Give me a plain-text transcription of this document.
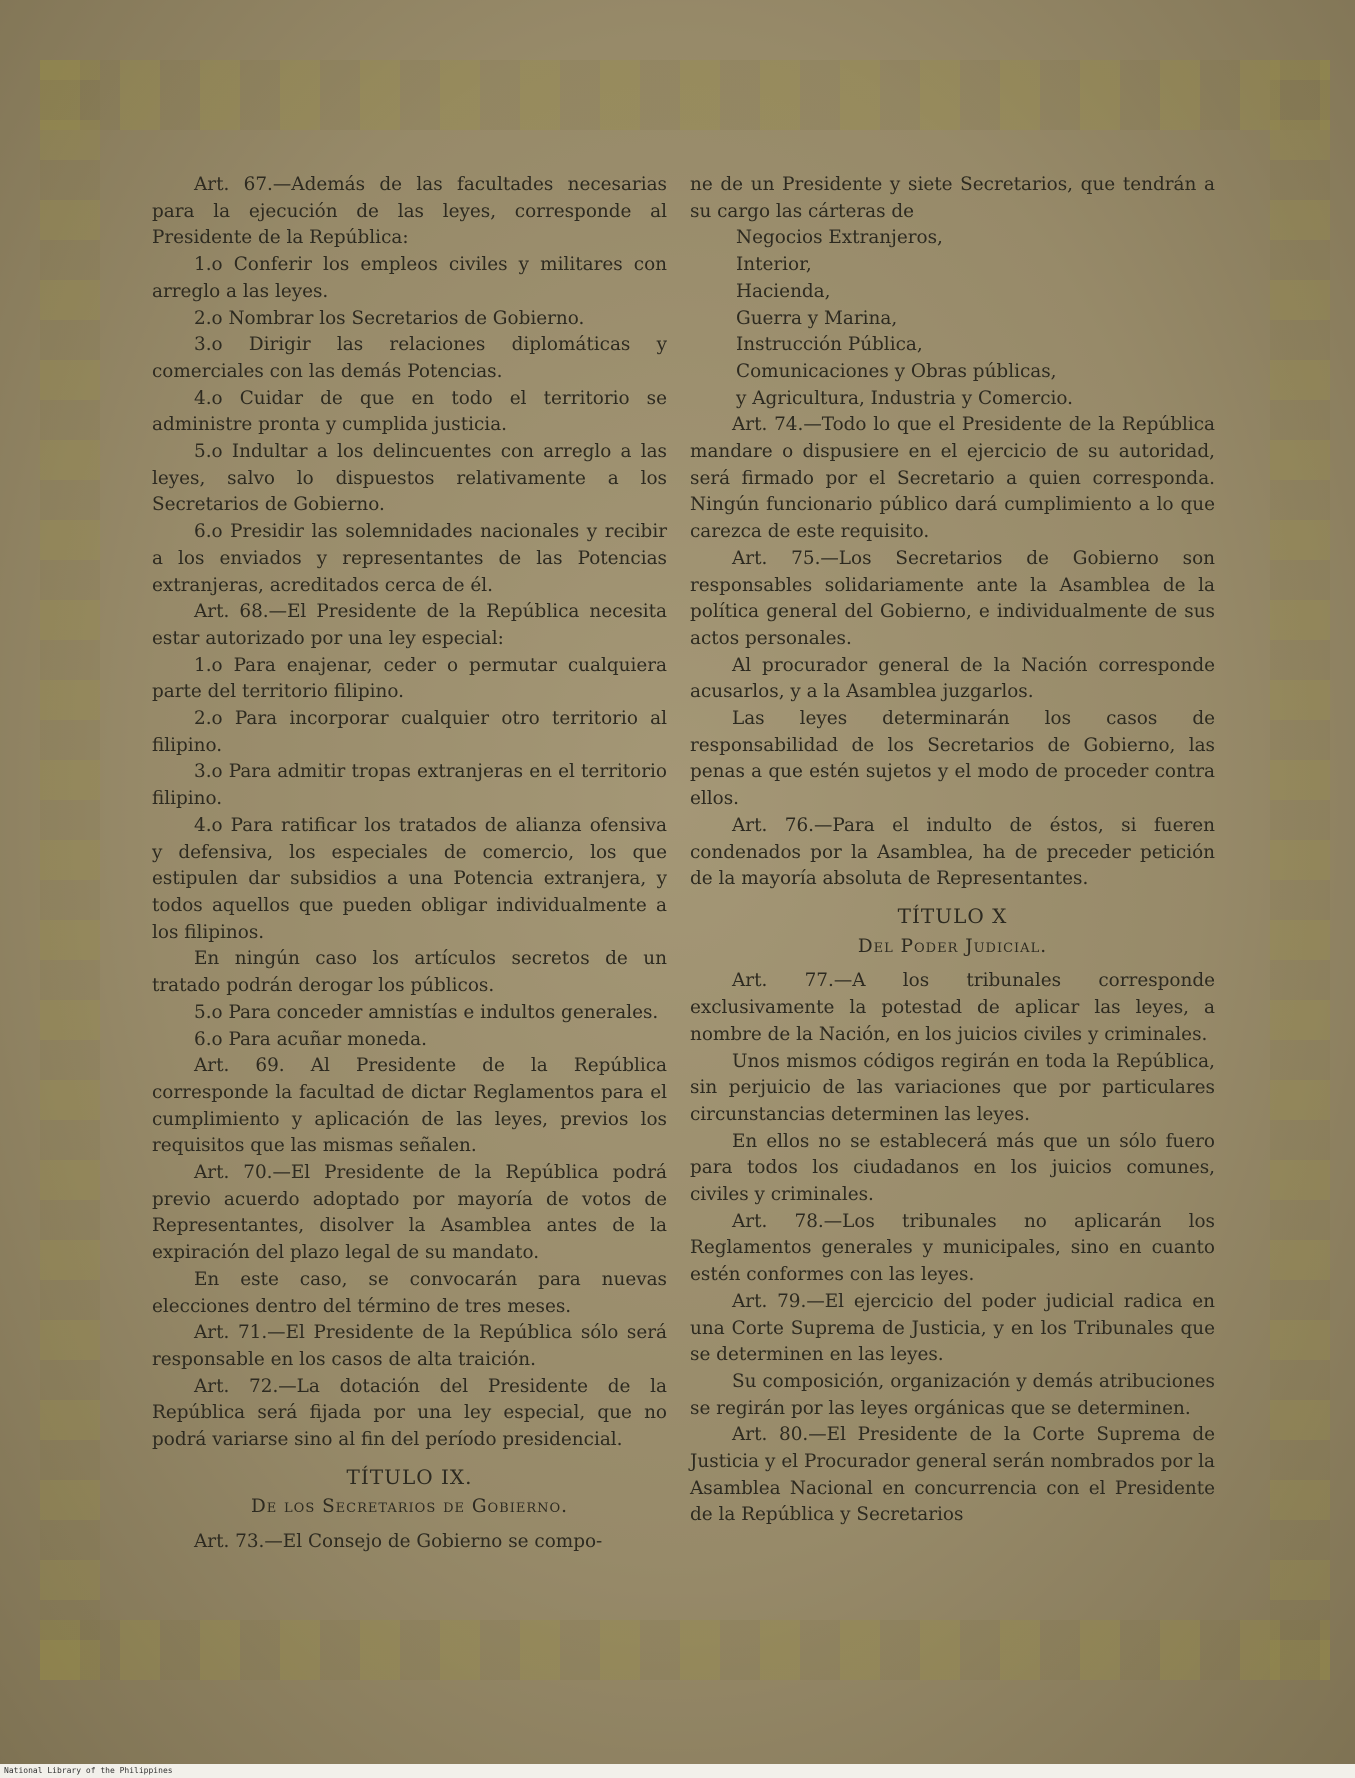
Art. 67.—Además de las facultades necesarias para la ejecución de las leyes, corresponde al Presidente de la República:

1.o Conferir los empleos civiles y militares con arreglo a las leyes.

2.o Nombrar los Secretarios de Gobierno.

3.o Dirigir las relaciones diplomáticas y comerciales con las demás Potencias.

4.o Cuidar de que en todo el territorio se administre pronta y cumplida justicia.

5.o Indultar a los delincuentes con arreglo a las leyes, salvo lo dispuestos relativamente a los Secretarios de Gobierno.

6.o Presidir las solemnidades nacionales y recibir a los enviados y representantes de las Potencias extranjeras, acreditados cerca de él.

Art. 68.—El Presidente de la República necesita estar autorizado por una ley especial:

1.o Para enajenar, ceder o permutar cualquiera parte del territorio filipino.

2.o Para incorporar cualquier otro territorio al filipino.

3.o Para admitir tropas extranjeras en el territorio filipino.

4.o Para ratificar los tratados de alianza ofensiva y defensiva, los especiales de comercio, los que estipulen dar subsidios a una Potencia extranjera, y todos aquellos que pueden obligar individualmente a los filipinos.

En ningún caso los artículos secretos de un tratado podrán derogar los públicos.

5.o Para conceder amnistías e indultos generales.

6.o Para acuñar moneda.

Art. 69. Al Presidente de la República corresponde la facultad de dictar Reglamentos para el cumplimiento y aplicación de las leyes, previos los requisitos que las mismas señalen.

Art. 70.—El Presidente de la República podrá previo acuerdo adoptado por mayoría de votos de Representantes, disolver la Asamblea antes de la expiración del plazo legal de su mandato.

En este caso, se convocarán para nuevas elecciones dentro del término de tres meses.

Art. 71.—El Presidente de la República sólo será responsable en los casos de alta traición.

Art. 72.—La dotación del Presidente de la República será fijada por una ley especial, que no podrá variarse sino al fin del período presidencial.

TÍTULO IX.

De los Secretarios de Gobierno.

Art. 73.—El Consejo de Gobierno se compo-

ne de un Presidente y siete Secretarios, que tendrán a su cargo las cárteras de

Negocios Extranjeros,

Interior,

Hacienda,

Guerra y Marina,

Instrucción Pública,

Comunicaciones y Obras públicas,

y Agricultura, Industria y Comercio.

Art. 74.—Todo lo que el Presidente de la República mandare o dispusiere en el ejercicio de su autoridad, será firmado por el Secretario a quien corresponda. Ningún funcionario público dará cumplimiento a lo que carezca de este requisito.

Art. 75.—Los Secretarios de Gobierno son responsables solidariamente ante la Asamblea de la política general del Gobierno, e individualmente de sus actos personales.

Al procurador general de la Nación corresponde acusarlos, y a la Asamblea juzgarlos.

Las leyes determinarán los casos de responsabilidad de los Secretarios de Gobierno, las penas a que estén sujetos y el modo de proceder contra ellos.

Art. 76.—Para el indulto de éstos, si fueren condenados por la Asamblea, ha de preceder petición de la mayoría absoluta de Representantes.

TÍTULO X

Del Poder Judicial.

Art. 77.—A los tribunales corresponde exclusivamente la potestad de aplicar las leyes, a nombre de la Nación, en los juicios civiles y criminales.

Unos mismos códigos regirán en toda la República, sin perjuicio de las variaciones que por particulares circunstancias determinen las leyes.

En ellos no se establecerá más que un sólo fuero para todos los ciudadanos en los juicios comunes, civiles y criminales.

Art. 78.—Los tribunales no aplicarán los Reglamentos generales y municipales, sino en cuanto estén conformes con las leyes.

Art. 79.—El ejercicio del poder judicial radica en una Corte Suprema de Justicia, y en los Tribunales que se determinen en las leyes.

Su composición, organización y demás atribuciones se regirán por las leyes orgánicas que se determinen.

Art. 80.—El Presidente de la Corte Suprema de Justicia y el Procurador general serán nombrados por la Asamblea Nacional en concurrencia con el Presidente de la República y Secretarios

National Library of the Philippines
